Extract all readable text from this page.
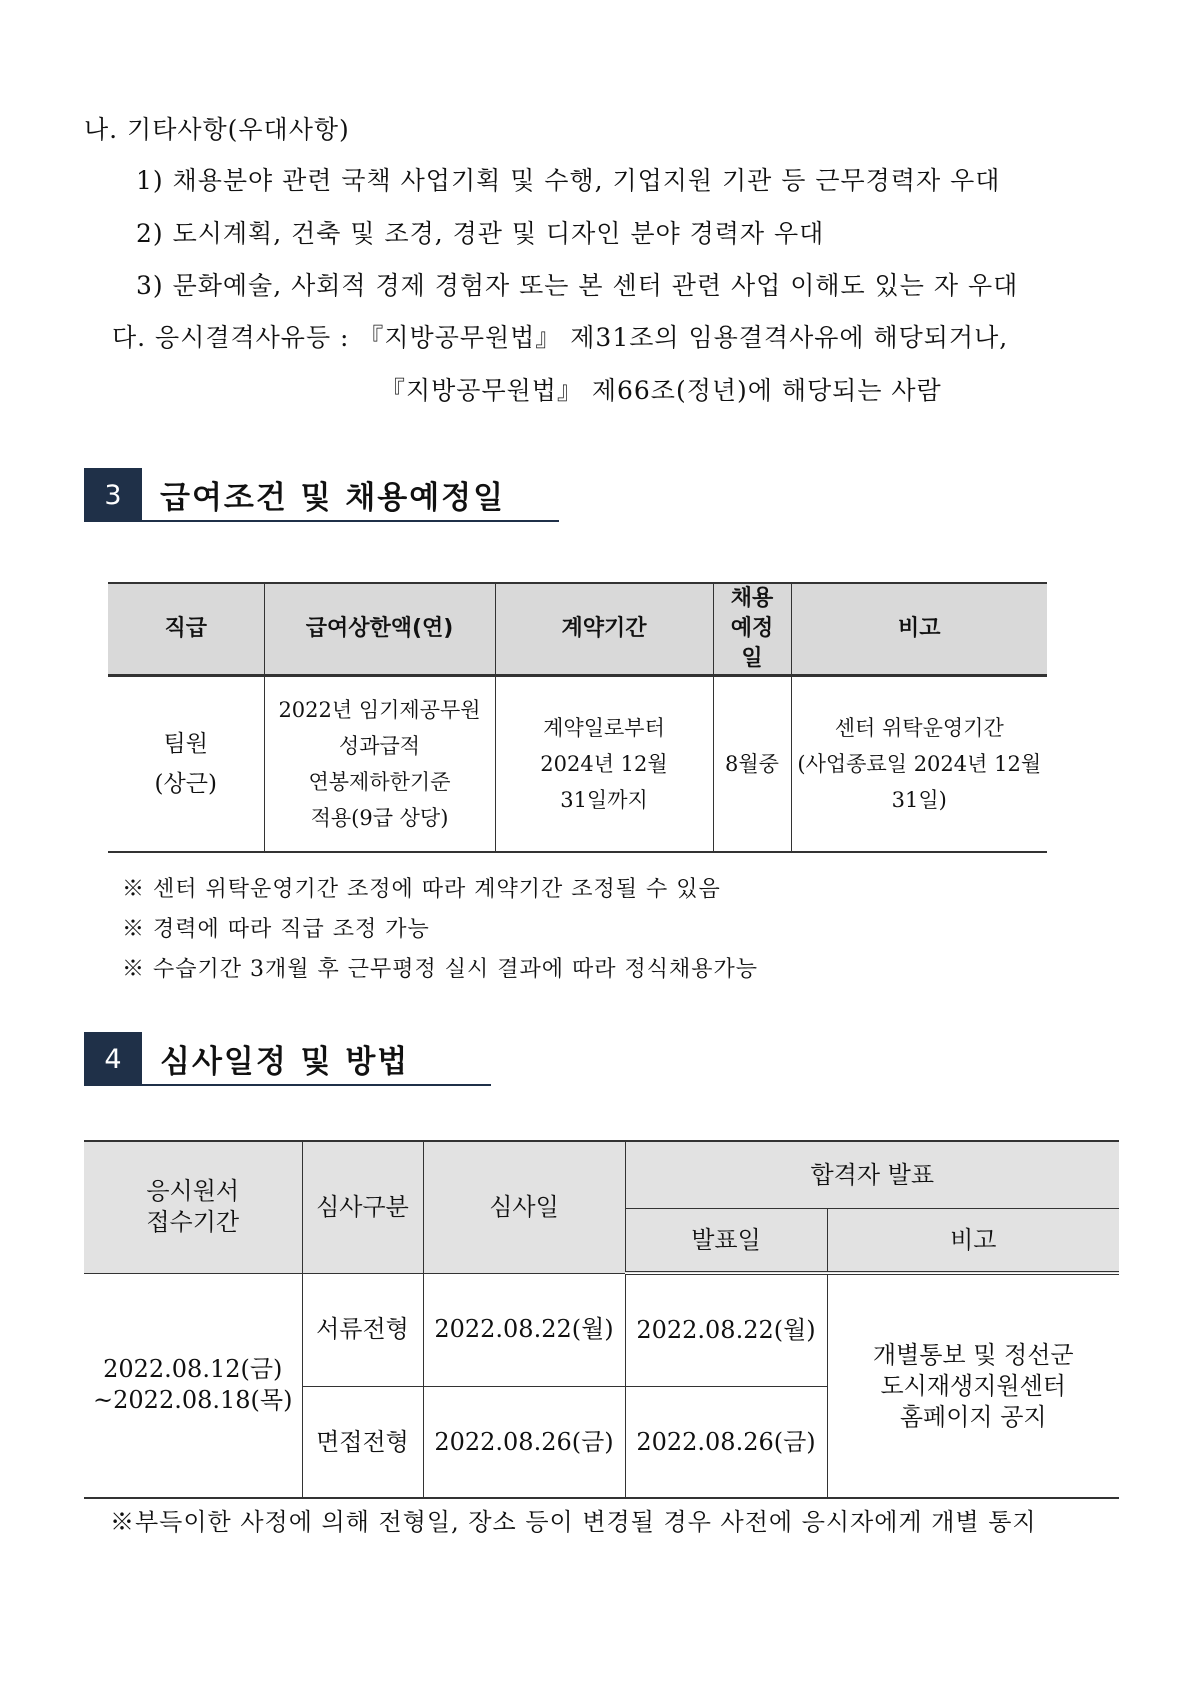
나. 기타사항(우대사항)
1) 채용분야 관련 국책 사업기획 및 수행, 기업지원 기관 등 근무경력자 우대
2) 도시계획, 건축 및 조경, 경관 및 디자인 분야 경력자 우대
3) 문화예술, 사회적 경제 경험자 또는 본 센터 관련 사업 이해도 있는 자 우대
다. 응시결격사유등 : 『지방공무원법』 제31조의 임용결격사유에 해당되거나,
『지방공무원법』 제66조(정년)에 해당되는 사람
3	급여조건 및 채용예정일
직급	급여상한액(연)	계약기간	채용
예정
일	비고
팀원
(상근)	2022년 임기제공무원
성과급적
연봉제하한기준
적용(9급 상당)	계약일로부터
2024년 12월
31일까지	8월중	센터 위탁운영기간
(사업종료일 2024년 12월
31일)
※ 센터 위탁운영기간 조정에 따라 계약기간 조정될 수 있음
※ 경력에 따라 직급 조정 가능
※ 수습기간 3개월 후 근무평정 실시 결과에 따라 정식채용가능
4	심사일정 및 방법
응시원서
접수기간	심사구분	심사일	합격자 발표	
			발표일	비고
2022.08.12(금)
~2022.08.18(목)	서류전형	2022.08.22(월)	2022.08.22(월)	개별통보 및 정선군
도시재생지원센터
홈페이지 공지
	면접전형	2022.08.26(금)	2022.08.26(금)	
※부득이한 사정에 의해 전형일, 장소 등이 변경될 경우 사전에 응시자에게 개별 통지
